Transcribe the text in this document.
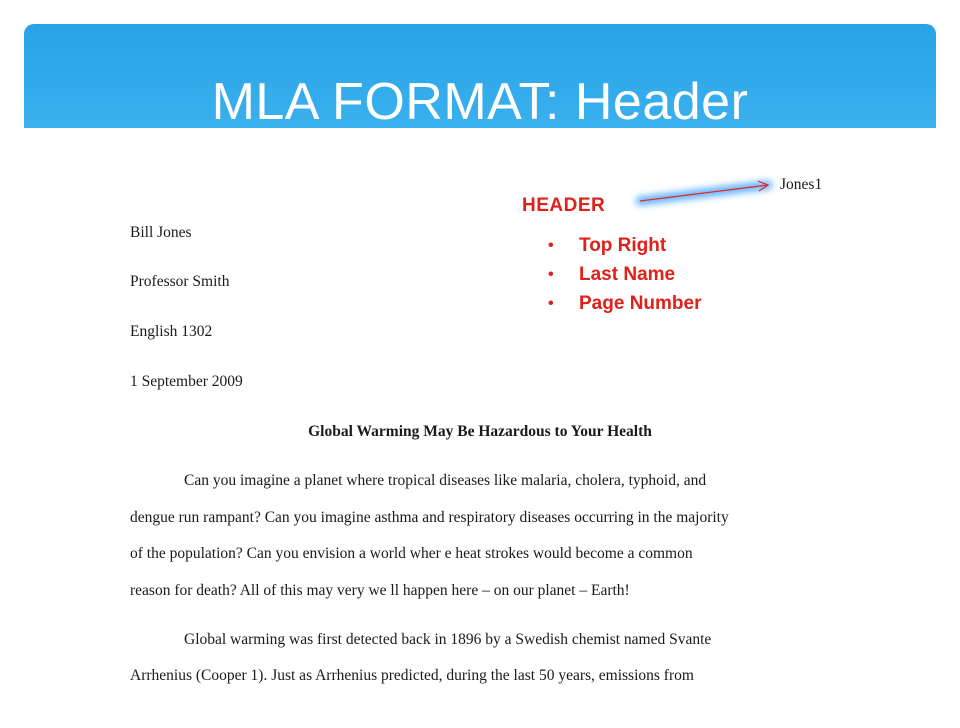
MLA FORMAT: Header

Jones1

HEADER

• Top Right
• Last Name
• Page Number

Bill Jones

Professor Smith

English 1302

1 September 2009

Global Warming May Be Hazardous to Your Health

Can you imagine a planet where tropical diseases like malaria, cholera, typhoid, and

dengue run rampant? Can you imagine asthma and respiratory diseases occurring in the majority

of the population? Can you envision a world wher e heat strokes would become a common

reason for death? All of this may very we ll happen here – on our planet – Earth!

Global warming was first detected back in 1896 by a Swedish chemist named Svante

Arrhenius (Cooper 1). Just as Arrhenius predicted, during the last 50 years, emissions from
